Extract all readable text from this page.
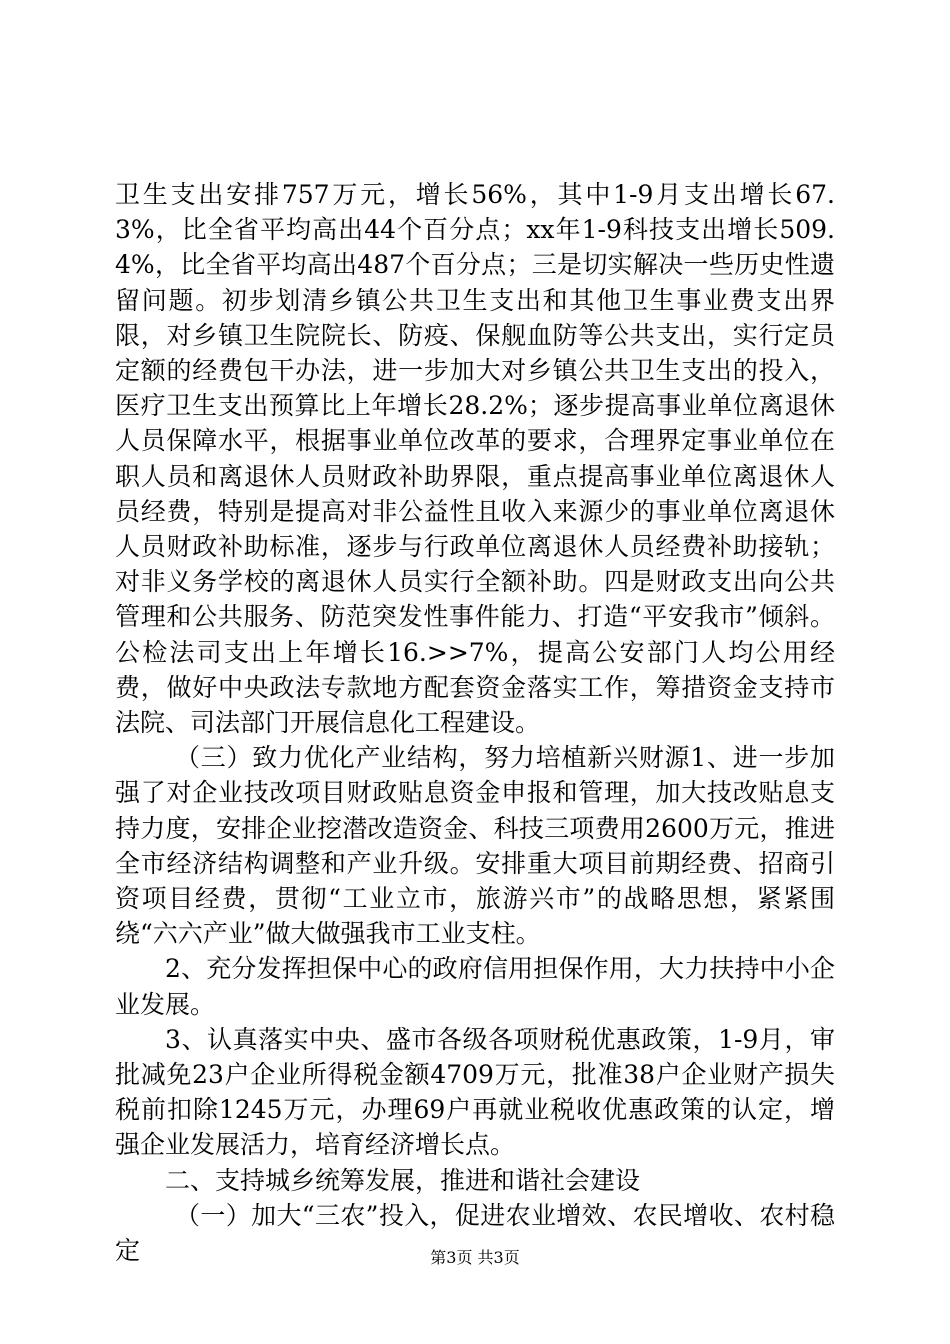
卫生支出安排757万元，增长56%，其中1-9月支出增长67.3%，比全省平均高出44个百分点；xx年1-9科技支出增长509.4%，比全省平均高出487个百分点；三是切实解决一些历史性遗留问题。初步划清乡镇公共卫生支出和其他卫生事业费支出界限，对乡镇卫生院院长、防疫、保舰血防等公共支出，实行定员定额的经费包干办法，进一步加大对乡镇公共卫生支出的投入，医疗卫生支出预算比上年增长28.2%；逐步提高事业单位离退休人员保障水平，根据事业单位改革的要求，合理界定事业单位在职人员和离退休人员财政补助界限，重点提高事业单位离退休人员经费，特别是提高对非公益性且收入来源少的事业单位离退休人员财政补助标准，逐步与行政单位离退休人员经费补助接轨；对非义务学校的离退休人员实行全额补助。四是财政支出向公共管理和公共服务、防范突发性事件能力、打造“平安我市”倾斜。公检法司支出上年增长16.>>7%，提高公安部门人均公用经费，做好中央政法专款地方配套资金落实工作，筹措资金支持市法院、司法部门开展信息化工程建设。

（三）致力优化产业结构，努力培植新兴财源1、进一步加强了对企业技改项目财政贴息资金申报和管理，加大技改贴息支持力度，安排企业挖潜改造资金、科技三项费用2600万元，推进全市经济结构调整和产业升级。安排重大项目前期经费、招商引资项目经费，贯彻“工业立市，旅游兴市”的战略思想，紧紧围绕“六六产业”做大做强我市工业支柱。

2、充分发挥担保中心的政府信用担保作用，大力扶持中小企业发展。

3、认真落实中央、盛市各级各项财税优惠政策，1-9月，审批减免23户企业所得税金额4709万元，批准38户企业财产损失税前扣除1245万元，办理69户再就业税收优惠政策的认定，增强企业发展活力，培育经济增长点。

二、支持城乡统筹发展，推进和谐社会建设

（一）加大“三农”投入，促进农业增效、农民增收、农村稳定	第3页 共3页
